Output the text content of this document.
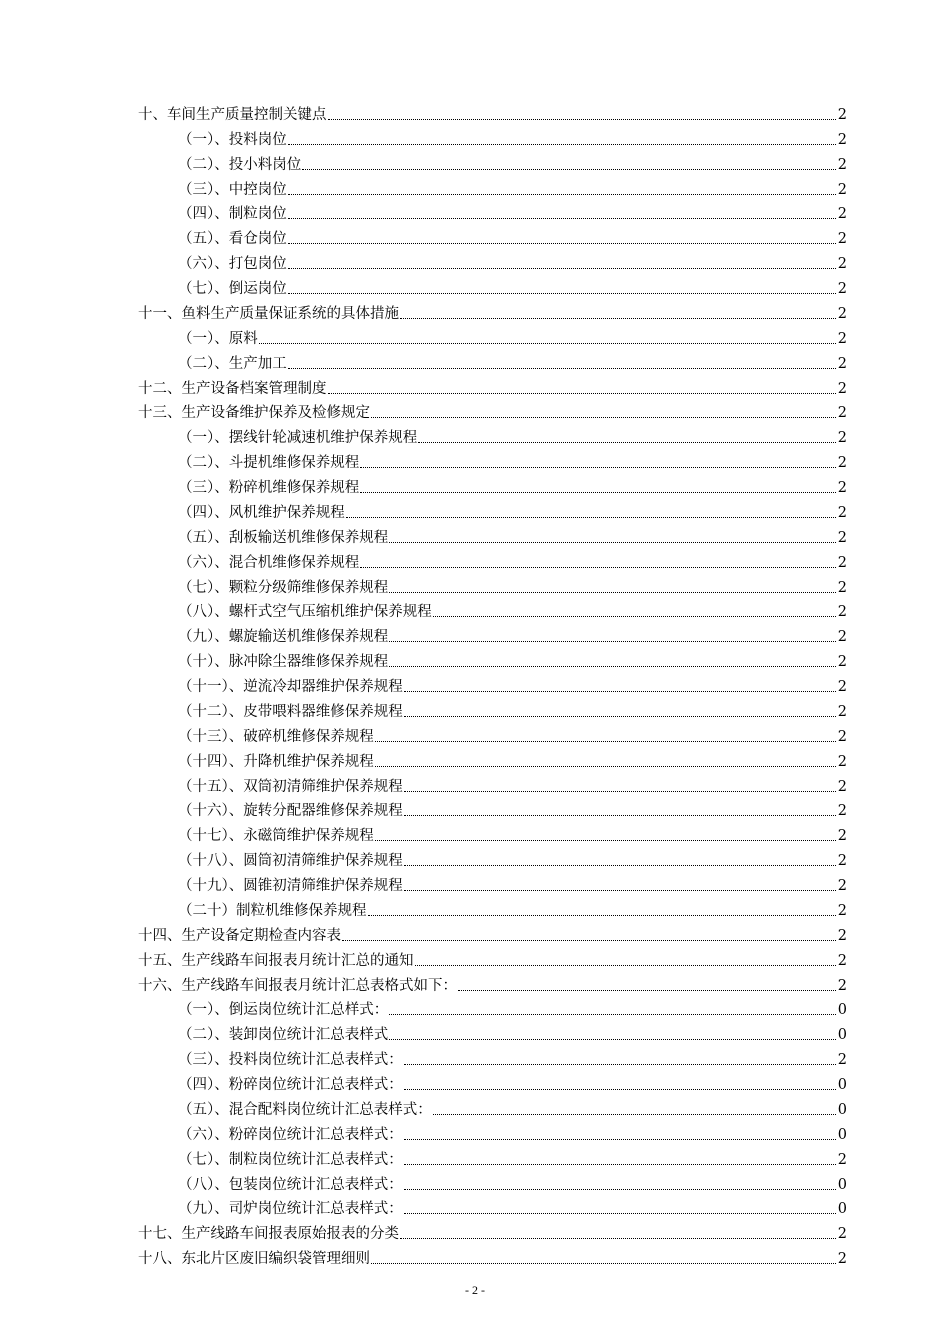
十、车间生产质量控制关键点	2
（一）、投料岗位	2
（二）、投小料岗位	2
（三）、中控岗位	2
（四）、制粒岗位	2
（五）、看仓岗位	2
（六）、打包岗位	2
（七）、倒运岗位	2
十一、鱼料生产质量保证系统的具体措施	2
（一）、原料	2
（二）、生产加工	2
十二、生产设备档案管理制度	2
十三、生产设备维护保养及检修规定	2
（一）、摆线针轮减速机维护保养规程	2
（二）、斗提机维修保养规程	2
（三）、粉碎机维修保养规程	2
（四）、风机维护保养规程	2
（五）、刮板输送机维修保养规程	2
（六）、混合机维修保养规程	2
（七）、颗粒分级筛维修保养规程	2
（八）、螺杆式空气压缩机维护保养规程	2
（九）、螺旋输送机维修保养规程	2
（十）、脉冲除尘器维修保养规程	2
（十一）、逆流冷却器维护保养规程	2
（十二）、皮带喂料器维修保养规程	2
（十三）、破碎机维修保养规程	2
（十四）、升降机维护保养规程	2
（十五）、双筒初清筛维护保养规程	2
（十六）、旋转分配器维修保养规程	2
（十七）、永磁筒维护保养规程	2
（十八）、圆筒初清筛维护保养规程	2
（十九）、圆锥初清筛维护保养规程	2
（二十）制粒机维修保养规程	2
十四、生产设备定期检查内容表	2
十五、生产线路车间报表月统计汇总的通知	2
十六、生产线路车间报表月统计汇总表格式如下：	2
（一）、倒运岗位统计汇总样式：	0
（二）、装卸岗位统计汇总表样式	0
（三）、投料岗位统计汇总表样式：	2
（四）、粉碎岗位统计汇总表样式：	0
（五）、混合配料岗位统计汇总表样式：	0
（六）、粉碎岗位统计汇总表样式：	0
（七）、制粒岗位统计汇总表样式：	2
（八）、包装岗位统计汇总表样式：	0
（九）、司炉岗位统计汇总表样式：	0
十七、生产线路车间报表原始报表的分类	2
十八、东北片区废旧编织袋管理细则	2
- 2 -
